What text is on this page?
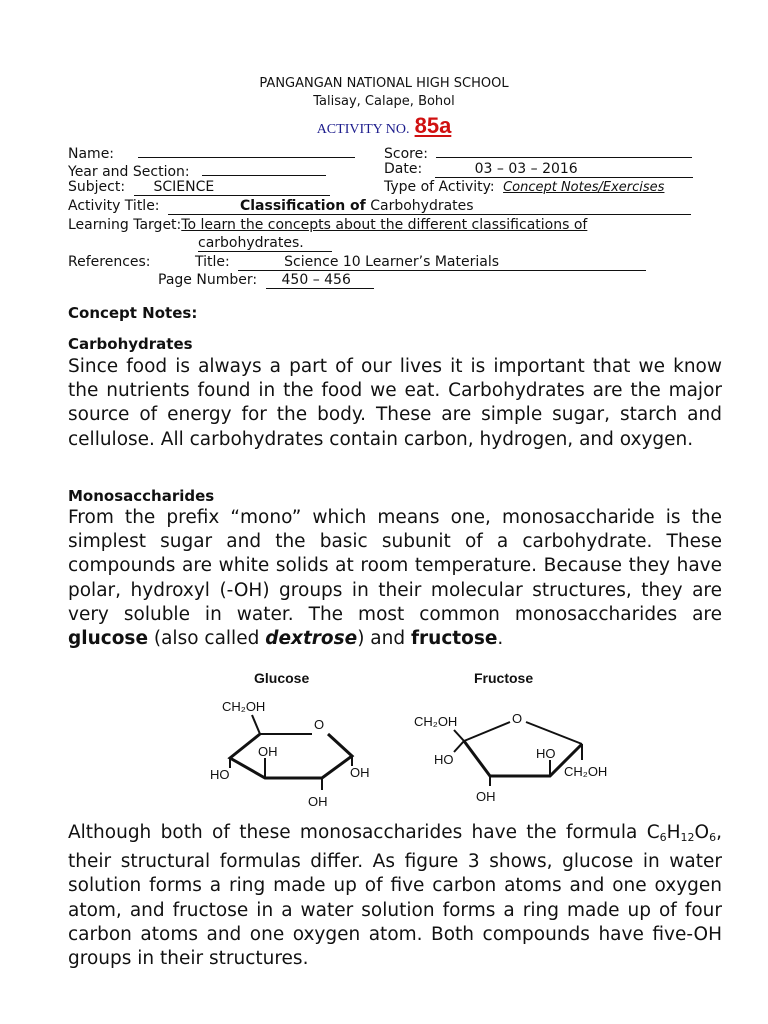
PANGANGAN NATIONAL HIGH SCHOOL
Talisay, Calape, Bohol
ACTIVITY NO. 85a
Name:	Score:
Year and Section:	Date:	03 – 03 – 2016
Subject: SCIENCE	Type of Activity: Concept Notes/Exercises
Activity Title:	Classification of Carbohydrates
Learning Target:To learn the concepts about the different classifications of
carbohydrates.
References:	Title:	Science 10 Learner’s Materials
Page Number: 450 – 456
Concept Notes:
Carbohydrates
Since food is always a part of our lives it is important that we know the nutrients found in the food we eat. Carbohydrates are the major source of energy for the body. These are simple sugar, starch and cellulose. All carbohydrates contain carbon, hydrogen, and oxygen.
Monosaccharides
From the prefix “mono” which means one, monosaccharide is the simplest sugar and the basic subunit of a carbohydrate. These compounds are white solids at room temperature. Because they have polar, hydroxyl (-OH) groups in their molecular structures, they are very soluble in water. The most common monosaccharides are glucose (also called dextrose) and fructose.
Glucose
CH₂OH
O
HO
OH
OH
OH
Fructose
CH₂OH	O
HO
OH
HO
CH₂OH
Although both of these monosaccharides have the formula $C_6H_{12}O_6$, their structural formulas differ. As figure 3 shows, glucose in water solution forms a ring made up of five carbon atoms and one oxygen atom, and fructose in a water solution forms a ring made up of four carbon atoms and one oxygen atom. Both compounds have five-OH groups in their structures.
